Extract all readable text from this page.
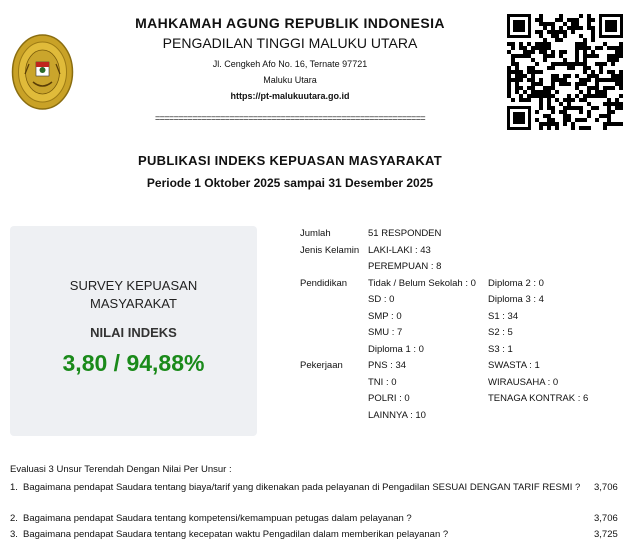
MAHKAMAH AGUNG REPUBLIK INDONESIA
PENGADILAN TINGGI MALUKU UTARA
Jl. Cengkeh Afo No. 16, Ternate 97721
Maluku Utara
https://pt-malukuutara.go.id
==========================================================
PUBLIKASI INDEKS KEPUASAN MASYARAKAT
Periode 1 Oktober 2025 sampai 31 Desember 2025
SURVEY KEPUASAN
MASYARAKAT
NILAI INDEKS
3,80 / 94,88%
Jumlah	51 RESPONDEN
Jenis Kelamin LAKI-LAKI : 43
PEREMPUAN : 8
Pendidikan Tidak / Belum Sekolah : 0 Diploma 2 : 0
SD : 0	Diploma 3 : 4
SMP : 0	S1 : 34
SMU : 7	S2 : 5
Diploma 1 : 0	S3 : 1
Pekerjaan	PNS : 34	SWASTA : 1
TNI : 0	WIRAUSAHA : 0
POLRI : 0	TENAGA KONTRAK : 6
LAINNYA : 10
Evaluasi 3 Unsur Terendah Dengan Nilai Per Unsur :
1. Bagaimana pendapat Saudara tentang biaya/tarif yang dikenakan pada pelayanan di Pengadilan SESUAI DENGAN TARIF RESMI ?	3,706
2. Bagaimana pendapat Saudara tentang kompetensi/kemampuan petugas dalam pelayanan ?	3,706
3. Bagaimana pendapat Saudara tentang kecepatan waktu Pengadilan dalam memberikan pelayanan ?	3,725
